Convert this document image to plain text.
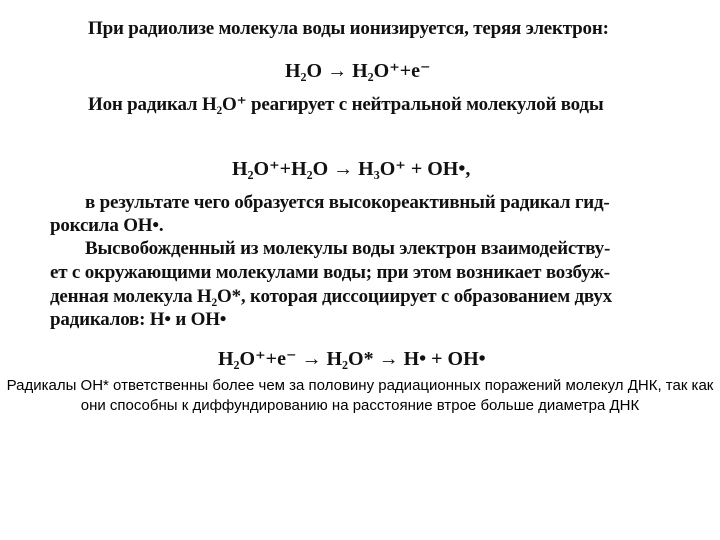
При радиолизе молекула воды ионизируется, теряя электрон:
H₂O → H₂O⁺+e⁻
Ион радикал H₂O⁺ реагирует с нейтральной молекулой воды
H₂O⁺+H₂O → H₃O⁺ + OH•,
в результате чего образуется высокореактивный радикал гид-
роксила OH•.
Высвобожденный из молекулы воды электрон взаимодейству-
ет с окружающими молекулами воды; при этом возникает возбуж-
денная молекула H₂O*, которая диссоциирует с образованием двух
радикалов: H• и OH•
H₂O⁺+e⁻ → H₂O* → H• + OH•
Радикалы ОН* ответственны более чем за половину радиационных поражений молекул ДНК, так как они способны к диффундированию на расстояние втрое больше диаметра ДНК
